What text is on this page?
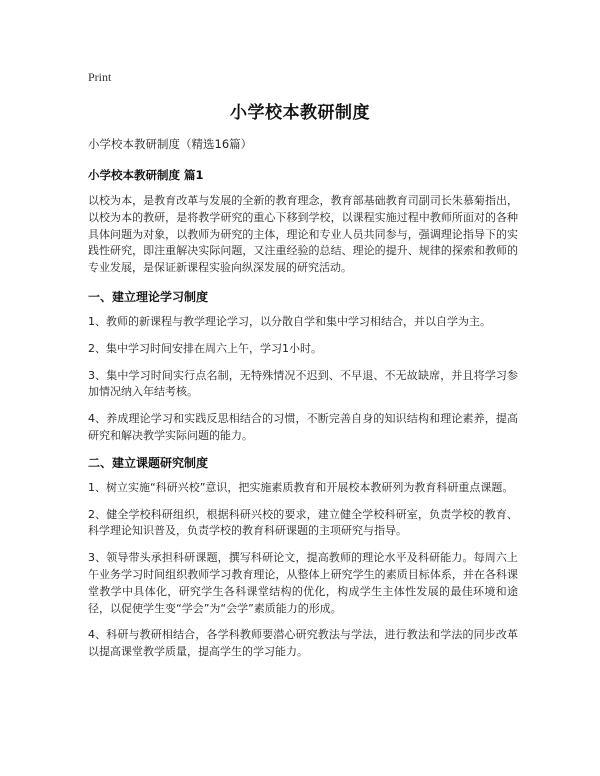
Print
小学校本教研制度
小学校本教研制度（精选16篇）
小学校本教研制度 篇1
以校为本，是教育改革与发展的全新的教育理念，教育部基础教育司副司长朱慕菊指出，以校为本的教研，是将教学研究的重心下移到学校，以课程实施过程中教师所面对的各种具体问题为对象，以教师为研究的主体，理论和专业人员共同参与，强调理论指导下的实践性研究，即注重解决实际问题，又注重经验的总结、理论的提升、规律的探索和教师的专业发展，是保证新课程实验向纵深发展的研究活动。
一、建立理论学习制度
1、教师的新课程与教学理论学习，以分散自学和集中学习相结合，并以自学为主。
2、集中学习时间安排在周六上午，学习1小时。
3、集中学习时间实行点名制，无特殊情况不迟到、不早退、不无故缺席，并且将学习参加情况纳入年结考核。
4、养成理论学习和实践反思相结合的习惯，不断完善自身的知识结构和理论素养，提高研究和解决教学实际问题的能力。
二、建立课题研究制度
1、树立实施“科研兴校”意识，把实施素质教育和开展校本教研列为教育科研重点课题。
2、健全学校科研组织，根据科研兴校的要求，建立健全学校科研室，负责学校的教育、科学理论知识普及，负责学校的教育科研课题的主项研究与指导。
3、领导带头承担科研课题，撰写科研论文，提高教师的理论水平及科研能力。每周六上午业务学习时间组织教师学习教育理论，从整体上研究学生的素质目标体系，并在各科课堂教学中具体化，研究学生各科课堂结构的优化，构成学生主体性发展的最佳环境和途径，以促使学生变“学会”为“会学”素质能力的形成。
4、科研与教研相结合，各学科教师要潜心研究教法与学法，进行教法和学法的同步改革以提高课堂教学质量，提高学生的学习能力。
